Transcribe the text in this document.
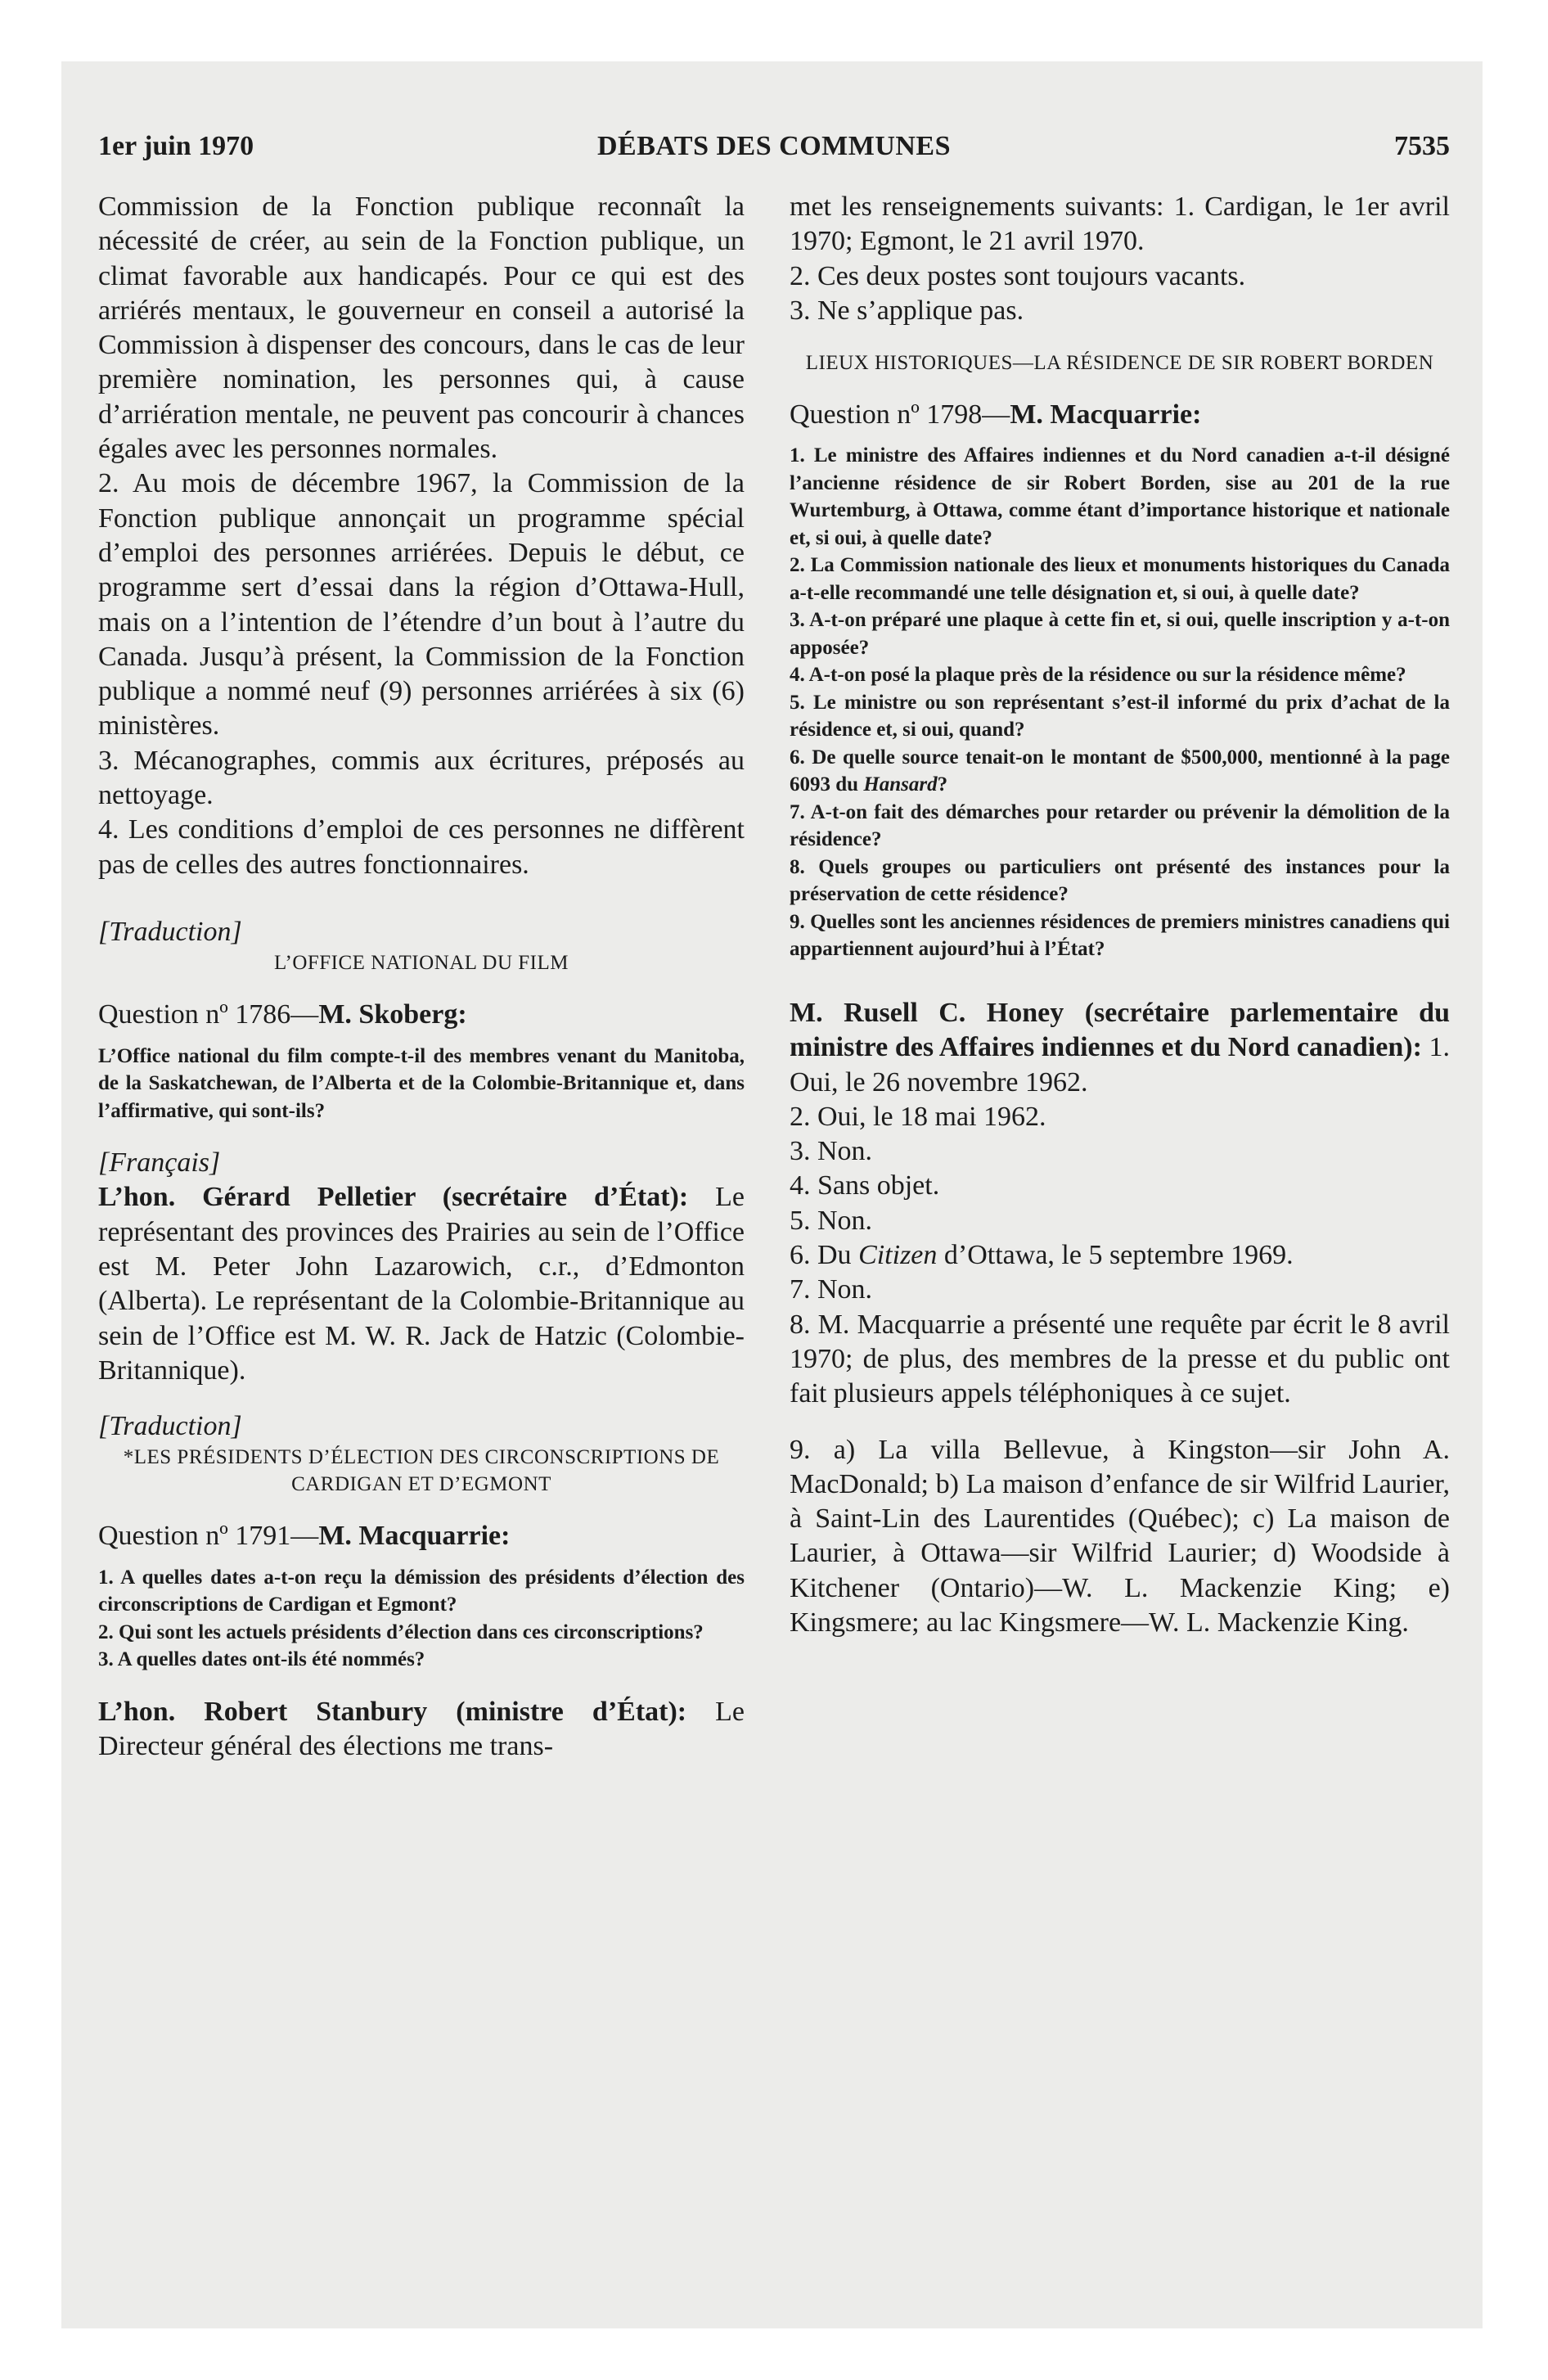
1er juin 1970	DÉBATS DES COMMUNES	7535

Commission de la Fonction publique reconnaît la nécessité de créer, au sein de la Fonction publique, un climat favorable aux handicapés. Pour ce qui est des arriérés mentaux, le gouverneur en conseil a autorisé la Commission à dispenser des concours, dans le cas de leur première nomination, les personnes qui, à cause d’arriération mentale, ne peuvent pas concourir à chances égales avec les personnes normales.

2. Au mois de décembre 1967, la Commission de la Fonction publique annonçait un programme spécial d’emploi des personnes arriérées. Depuis le début, ce programme sert d’essai dans la région d’Ottawa-Hull, mais on a l’intention de l’étendre d’un bout à l’autre du Canada. Jusqu’à présent, la Commission de la Fonction publique a nommé neuf (9) personnes arriérées à six (6) ministères.

3. Mécanographes, commis aux écritures, préposés au nettoyage.

4. Les conditions d’emploi de ces personnes ne diffèrent pas de celles des autres fonctionnaires.

[Traduction]

L’OFFICE NATIONAL DU FILM

Question nº 1786—M. Skoberg:

L’Office national du film compte-t-il des membres venant du Manitoba, de la Saskatchewan, de l’Alberta et de la Colombie-Britannique et, dans l’affirmative, qui sont-ils?

[Français]

L’hon. Gérard Pelletier (secrétaire d’État): Le représentant des provinces des Prairies au sein de l’Office est M. Peter John Lazarowich, c.r., d’Edmonton (Alberta). Le représentant de la Colombie-Britannique au sein de l’Office est M. W. R. Jack de Hatzic (Colombie-Britannique).

[Traduction]

*LES PRÉSIDENTS D’ÉLECTION DES CIRCONSCRIPTIONS DE CARDIGAN ET D’EGMONT

Question nº 1791—M. Macquarrie:

1. A quelles dates a-t-on reçu la démission des présidents d’élection des circonscriptions de Cardigan et Egmont?

2. Qui sont les actuels présidents d’élection dans ces circonscriptions?

3. A quelles dates ont-ils été nommés?

L’hon. Robert Stanbury (ministre d’État): Le Directeur général des élections me trans-

met les renseignements suivants: 1. Cardigan, le 1er avril 1970; Egmont, le 21 avril 1970.

2. Ces deux postes sont toujours vacants.

3. Ne s’applique pas.

LIEUX HISTORIQUES—LA RÉSIDENCE DE SIR ROBERT BORDEN

Question nº 1798—M. Macquarrie:

1. Le ministre des Affaires indiennes et du Nord canadien a-t-il désigné l’ancienne résidence de sir Robert Borden, sise au 201 de la rue Wurtemburg, à Ottawa, comme étant d’importance historique et nationale et, si oui, à quelle date?

2. La Commission nationale des lieux et monuments historiques du Canada a-t-elle recommandé une telle désignation et, si oui, à quelle date?

3. A-t-on préparé une plaque à cette fin et, si oui, quelle inscription y a-t-on apposée?

4. A-t-on posé la plaque près de la résidence ou sur la résidence même?

5. Le ministre ou son représentant s’est-il informé du prix d’achat de la résidence et, si oui, quand?

6. De quelle source tenait-on le montant de $500,000, mentionné à la page 6093 du Hansard?

7. A-t-on fait des démarches pour retarder ou prévenir la démolition de la résidence?

8. Quels groupes ou particuliers ont présenté des instances pour la préservation de cette résidence?

9. Quelles sont les anciennes résidences de premiers ministres canadiens qui appartiennent aujourd’hui à l’État?

M. Rusell C. Honey (secrétaire parlementaire du ministre des Affaires indiennes et du Nord canadien): 1. Oui, le 26 novembre 1962.

2. Oui, le 18 mai 1962.

3. Non.

4. Sans objet.

5. Non.

6. Du Citizen d’Ottawa, le 5 septembre 1969.

7. Non.

8. M. Macquarrie a présenté une requête par écrit le 8 avril 1970; de plus, des membres de la presse et du public ont fait plusieurs appels téléphoniques à ce sujet.

9. a) La villa Bellevue, à Kingston—sir John A. MacDonald; b) La maison d’enfance de sir Wilfrid Laurier, à Saint-Lin des Laurentides (Québec); c) La maison de Laurier, à Ottawa—sir Wilfrid Laurier; d) Woodside à Kitchener (Ontario)—W. L. Mackenzie King; e) Kingsmere; au lac Kingsmere—W. L. Mackenzie King.
